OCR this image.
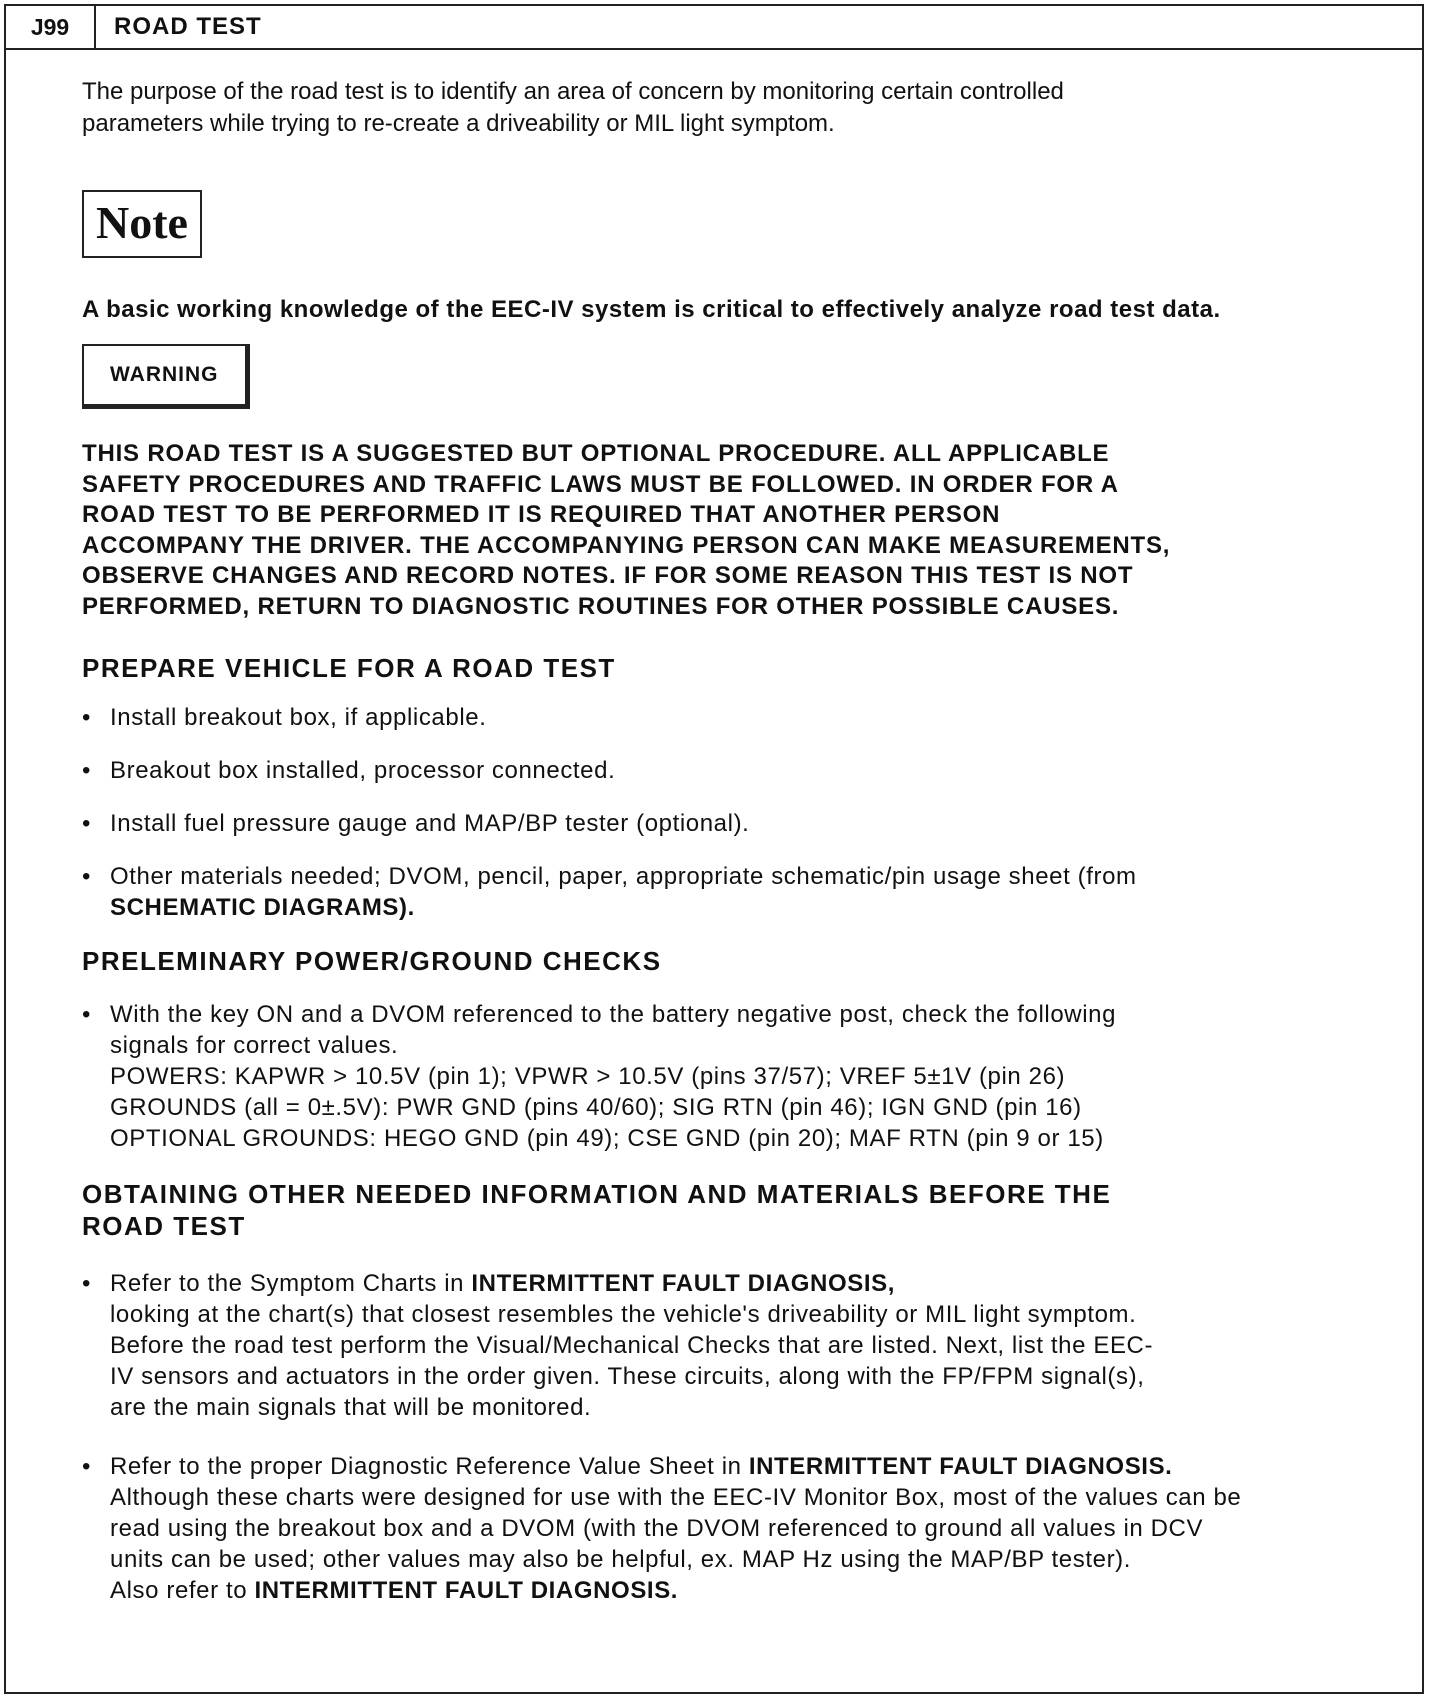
J99	ROAD TEST

The purpose of the road test is to identify an area of concern by monitoring certain controlled
parameters while trying to re-create a driveability or MIL light symptom.

Note

A basic working knowledge of the EEC-IV system is critical to effectively analyze road test data.

WARNING

THIS ROAD TEST IS A SUGGESTED BUT OPTIONAL PROCEDURE. ALL APPLICABLE
SAFETY PROCEDURES AND TRAFFIC LAWS MUST BE FOLLOWED. IN ORDER FOR A
ROAD TEST TO BE PERFORMED IT IS REQUIRED THAT ANOTHER PERSON
ACCOMPANY THE DRIVER. THE ACCOMPANYING PERSON CAN MAKE MEASUREMENTS,
OBSERVE CHANGES AND RECORD NOTES. IF FOR SOME REASON THIS TEST IS NOT
PERFORMED, RETURN TO DIAGNOSTIC ROUTINES FOR OTHER POSSIBLE CAUSES.

PREPARE VEHICLE FOR A ROAD TEST
• Install breakout box, if applicable.
• Breakout box installed, processor connected.
• Install fuel pressure gauge and MAP/BP tester (optional).
• Other materials needed; DVOM, pencil, paper, appropriate schematic/pin usage sheet (from
SCHEMATIC DIAGRAMS).
PRELEMINARY POWER/GROUND CHECKS
• With the key ON and a DVOM referenced to the battery negative post, check the following
signals for correct values.
POWERS: KAPWR > 10.5V (pin 1); VPWR > 10.5V (pins 37/57); VREF 5±1V (pin 26)
GROUNDS (all = 0±.5V): PWR GND (pins 40/60); SIG RTN (pin 46); IGN GND (pin 16)
OPTIONAL GROUNDS: HEGO GND (pin 49); CSE GND (pin 20); MAF RTN (pin 9 or 15)
OBTAINING OTHER NEEDED INFORMATION AND MATERIALS BEFORE THE
ROAD TEST
• Refer to the Symptom Charts in INTERMITTENT FAULT DIAGNOSIS,
looking at the chart(s) that closest resembles the vehicle's driveability or MIL light symptom.
Before the road test perform the Visual/Mechanical Checks that are listed. Next, list the EEC-
IV sensors and actuators in the order given. These circuits, along with the FP/FPM signal(s),
are the main signals that will be monitored.
• Refer to the proper Diagnostic Reference Value Sheet in INTERMITTENT FAULT DIAGNOSIS.
Although these charts were designed for use with the EEC-IV Monitor Box, most of the values can be
read using the breakout box and a DVOM (with the DVOM referenced to ground all values in DCV
units can be used; other values may also be helpful, ex. MAP Hz using the MAP/BP tester).
Also refer to INTERMITTENT FAULT DIAGNOSIS.
